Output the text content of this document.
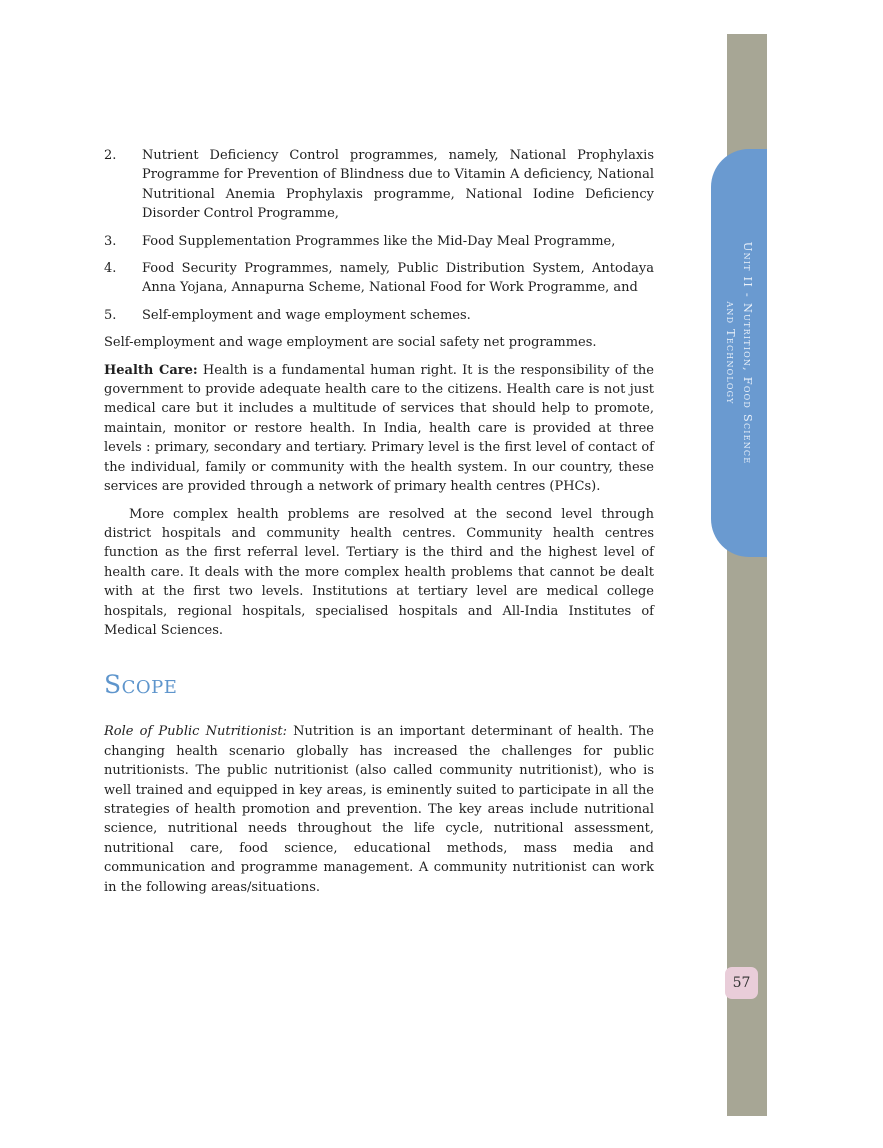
Unit II - Nutrition, Food Science
and Technology
57
2. Nutrient Deficiency Control programmes, namely, National Prophylaxis Programme for Prevention of Blindness due to Vitamin A deficiency, National Nutritional Anemia Prophylaxis programme, National Iodine Deficiency Disorder Control Programme,
3. Food Supplementation Programmes like the Mid-Day Meal Programme,
4. Food Security Programmes, namely, Public Distribution System, Antodaya Anna Yojana, Annapurna Scheme, National Food for Work Programme, and
5. Self-employment and wage employment schemes.

Self-employment and wage employment are social safety net programmes.

Health Care: Health is a fundamental human right. It is the responsibility of the government to provide adequate health care to the citizens. Health care is not just medical care but it includes a multitude of services that should help to promote, maintain, monitor or restore health. In India, health care is provided at three levels : primary, secondary and tertiary. Primary level is the first level of contact of the individual, family or community with the health system. In our country, these services are provided through a network of primary health centres (PHCs).

More complex health problems are resolved at the second level through district hospitals and community health centres. Community health centres function as the first referral level. Tertiary is the third and the highest level of health care. It deals with the more complex health problems that cannot be dealt with at the first two levels. Institutions at tertiary level are medical college hospitals, regional hospitals, specialised hospitals and All-India Institutes of Medical Sciences.

Scope

Role of Public Nutritionist: Nutrition is an important determinant of health. The changing health scenario globally has increased the challenges for public nutritionists. The public nutritionist (also called community nutritionist), who is well trained and equipped in key areas, is eminently suited to participate in all the strategies of health promotion and prevention. The key areas include nutritional science, nutritional needs throughout the life cycle, nutritional assessment, nutritional care, food science, educational methods, mass media and communication and programme management. A community nutritionist can work in the following areas/situations.
